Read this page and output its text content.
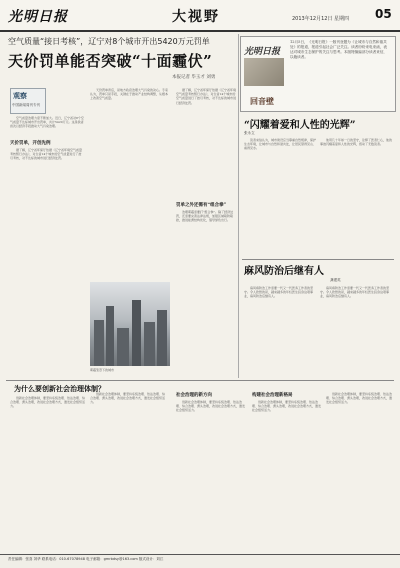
光明日报	大视野	2013年12月12日 星期四 05
空气质量“接日考核”，辽宁对8个城市开出5420万元罚单
天价罚单能否突破“十面霾伏”
本报记者 毕玉才 刘勇
观察
中国新闻周刊专刊

空气质量治理力度不断加大。近日，辽宁省对8个空气质量不达标城市开出罚单，共计5420万元。这是我省首次以经济手段推动大气污染治理。

天价罚单，开创先例

据了解，辽宁省环保厅依据《辽宁省环境空气质量考核暂行办法》，对全省14个城市的空气质量进行了按月考核，对不达标的城市进行经济处罚。

天价罚单背后，是地方政府治理大气污染的决心。专家认为，罚单只是手段，关键在于推动产业结构调整，从根本上改善空气质量。

据了解，辽宁省环保厅依据《辽宁省环境空气质量考核暂行办法》，对全省14个城市的空气质量进行了按月考核，对不达标的城市进行经济处罚。

罚单之外还需有“组合拳”

治理雾霾需要打“组合拳”。除了经济处罚，还需要完善法律法规，加强区域联防联控，推进能源结构优化，倡导绿色出行。

雾霾笼罩下的城市
光明日报
回音壁
12月5日，《光明日报》一版刊登题为《让城市与自然和谐共处》的报道，报道引起社会广泛关注。读者纷纷来电来函，表达对城市生态保护的关注与思考。本版特摘编部分读者来信，以飨读者。
“闪耀着爱和人性的光辉”
张永立

读者来信认为，城市建设应当尊重自然规律，保护生态环境，让城市与自然和谐共处，让居民望得见山、看得见水。

他用几十年如一日的坚守，诠释了医者仁心，他的事迹闪耀着爱和人性的光辉，感动了无数读者。

麻风防治后继有人
龚建英

麻风病防治工作需要一代又一代医务工作者的坚守。令人欣慰的是，越来越多的年轻医生投身这项事业，麻风防治后继有人。

麻风病防治工作需要一代又一代医务工作者的坚守。令人欣慰的是，越来越多的年轻医生投身这项事业，麻风防治后继有人。

为什么要创新社会治理体制？

创新社会治理体制，要坚持系统治理、依法治理、综合治理、源头治理，改进社会治理方式，激发社会组织活力。

创新社会治理体制，要坚持系统治理、依法治理、综合治理、源头治理，改进社会治理方式，激发社会组织活力。

社会治理的新方向

创新社会治理体制，要坚持系统治理、依法治理、综合治理、源头治理，改进社会治理方式，激发社会组织活力。

构建社会治理新格局

创新社会治理体制，要坚持系统治理、依法治理、综合治理、源头治理，改进社会治理方式，激发社会组织活力。

创新社会治理体制，要坚持系统治理、依法治理、综合治理、源头治理，改进社会治理方式，激发社会组织活力。

责任编辑：张喜 刘华 联系电话：010-67078948 电子邮箱：gmrbdsy@163.com 版式设计：刘江
